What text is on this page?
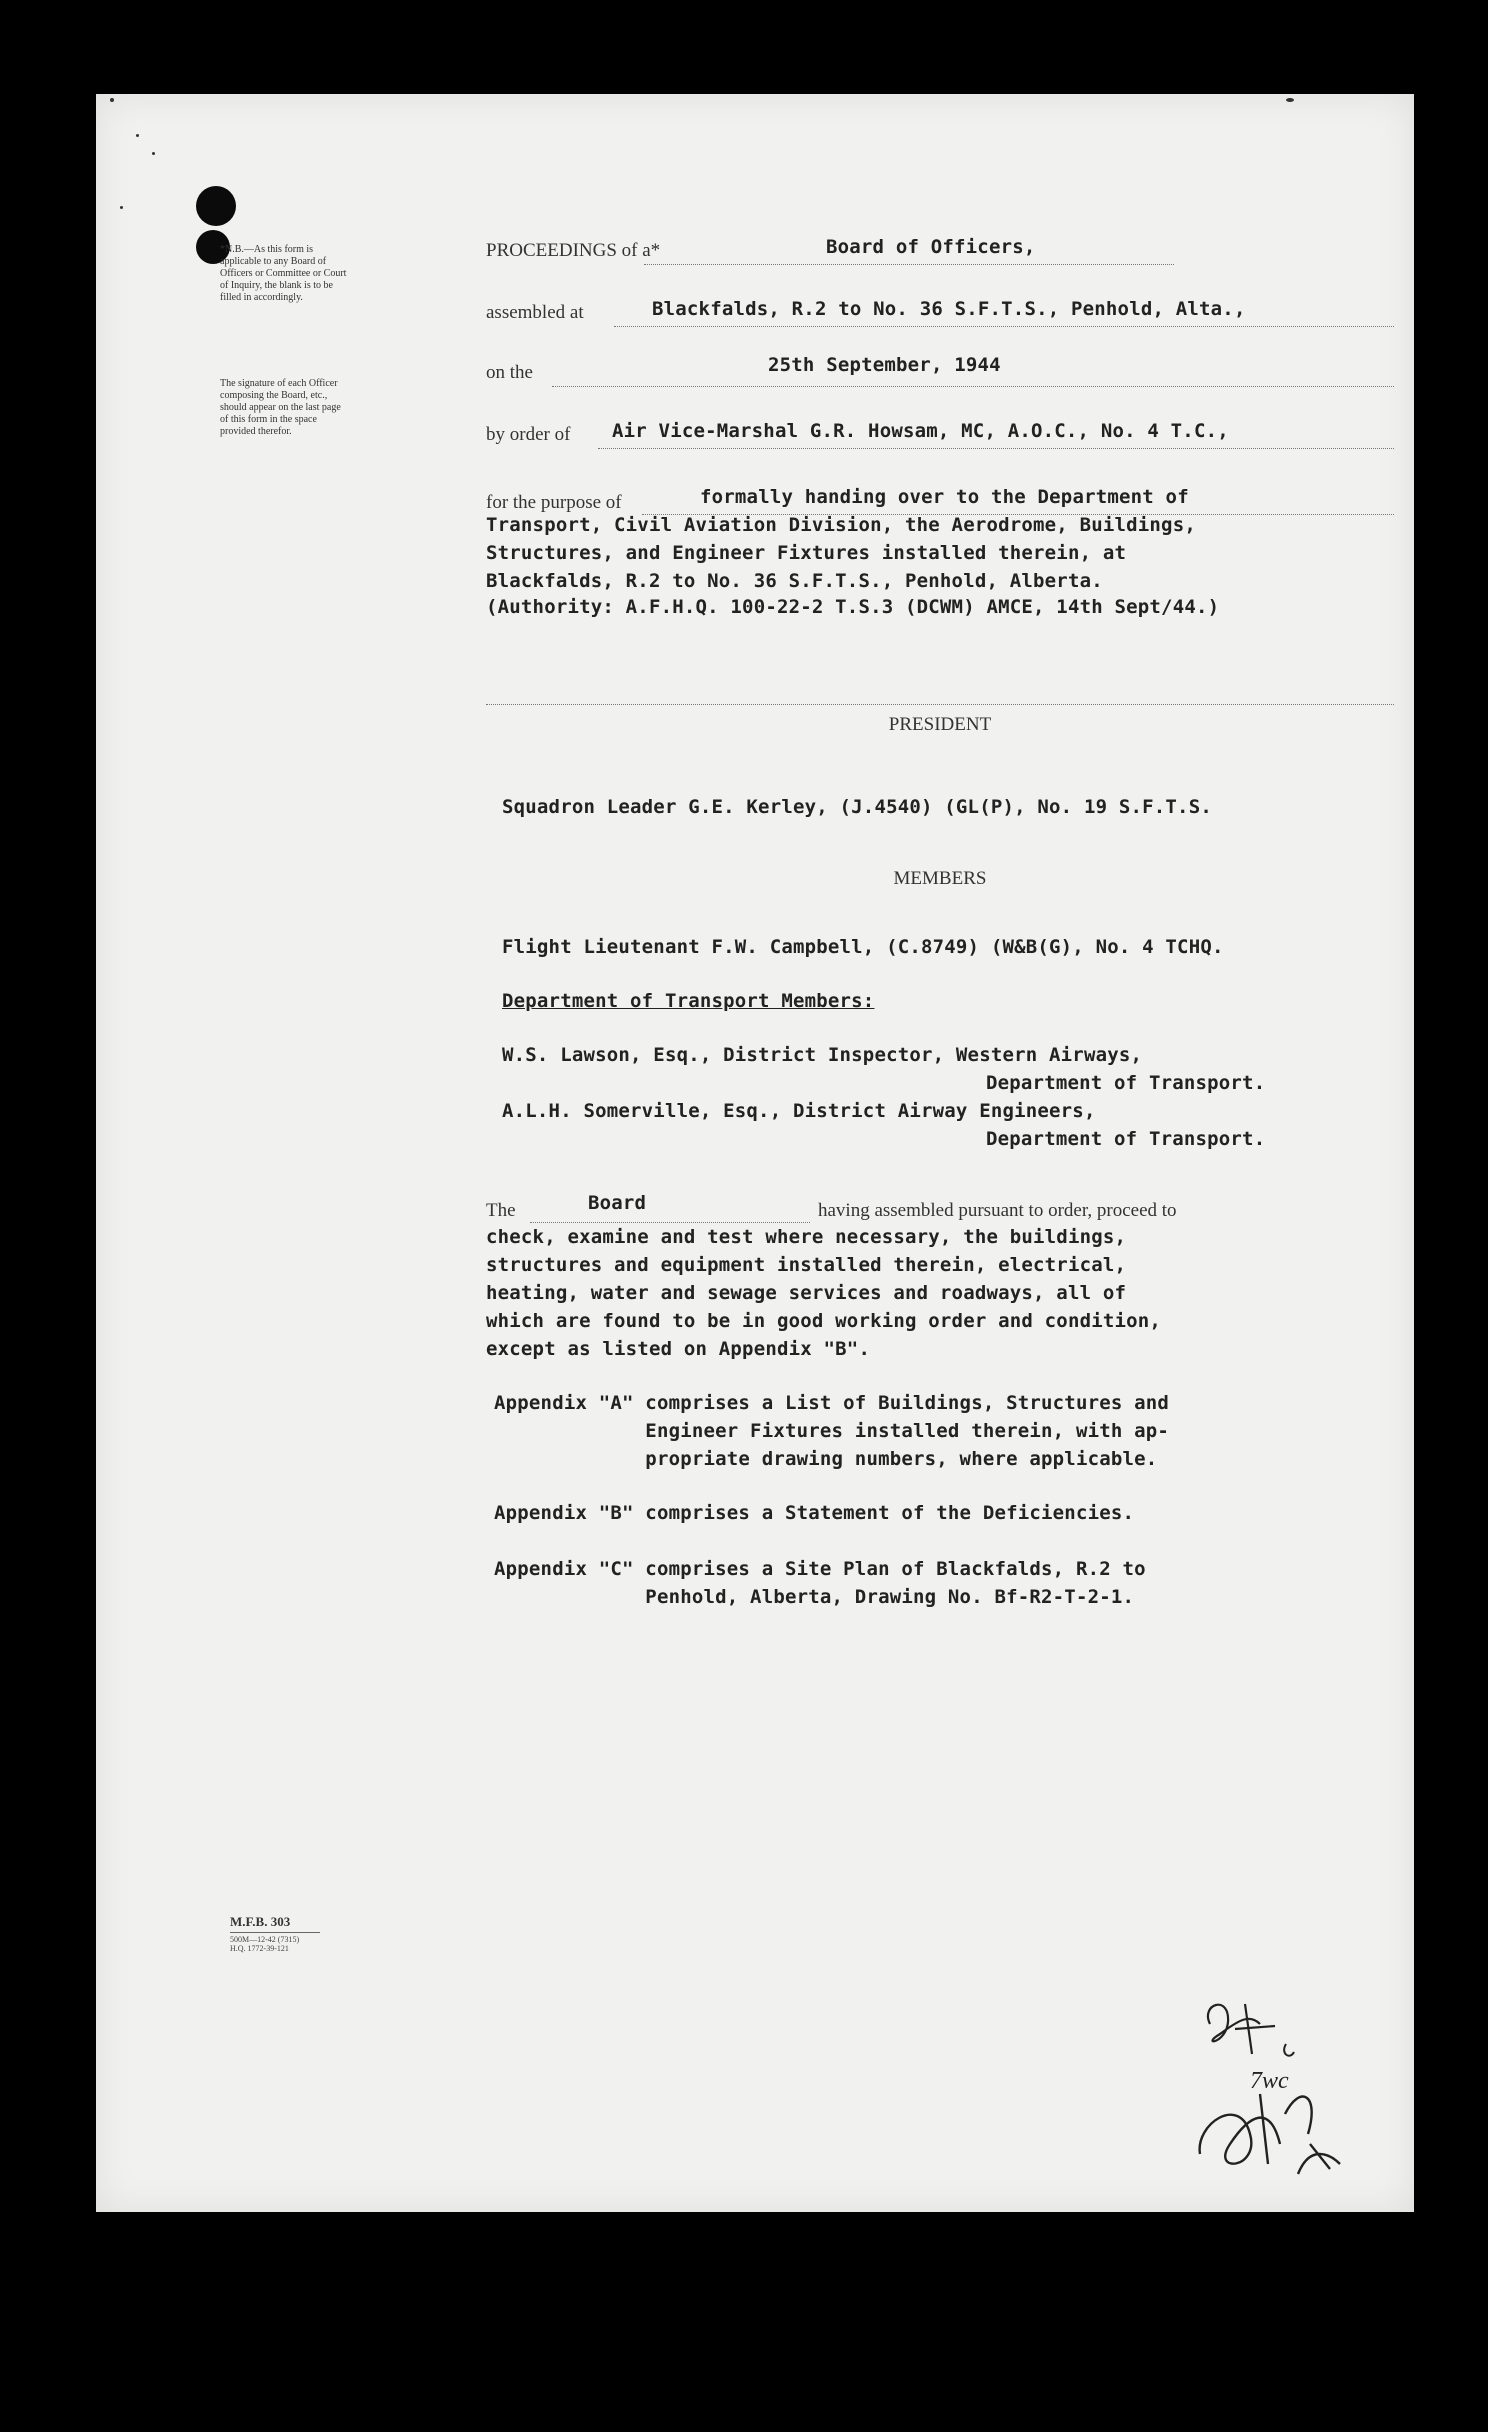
*N.B.—As this form is applicable to any Board of Officers or Committee or Court of Inquiry, the blank is to be filled in accordingly.
The signature of each Officer composing the Board, etc., should appear on the last page of this form in the space provided therefor.
PROCEEDINGS of a*	Board of Officers,
assembled at	Blackfalds, R.2 to No. 36 S.F.T.S., Penhold, Alta.,
on the	25th September, 1944
by order of Air Vice-Marshal G.R. Howsam, MC, A.O.C., No. 4 T.C.,
for the purpose of	formally handing over to the Department of
Transport, Civil Aviation Division, the Aerodrome, Buildings,
Structures, and Engineer Fixtures installed therein, at
Blackfalds, R.2 to No. 36 S.F.T.S., Penhold, Alberta.
(Authority: A.F.H.Q. 100-22-2 T.S.3 (DCWM) AMCE, 14th Sept/44.)
PRESIDENT
Squadron Leader G.E. Kerley, (J.4540) (GL(P), No. 19 S.F.T.S.
MEMBERS
Flight Lieutenant F.W. Campbell, (C.8749) (W&B(G), No. 4 TCHQ.
Department of Transport Members:
W.S. Lawson, Esq., District Inspector, Western Airways,
Department of Transport.
A.L.H. Somerville, Esq., District Airway Engineers,
Department of Transport.
The	Board	having assembled pursuant to order, proceed to
check, examine and test where necessary, the buildings,
structures and equipment installed therein, electrical,
heating, water and sewage services and roadways, all of
which are found to be in good working order and condition,
except as listed on Appendix "B".
Appendix "A" comprises a List of Buildings, Structures and
Engineer Fixtures installed therein, with ap-
propriate drawing numbers, where applicable.
Appendix "B" comprises a Statement of the Deficiencies.
Appendix "C" comprises a Site Plan of Blackfalds, R.2 to
Penhold, Alberta, Drawing No. Bf-R2-T-2-1.
M.F.B. 303
500M—12-42 (7315)
H.Q. 1772-39-121
7wc
